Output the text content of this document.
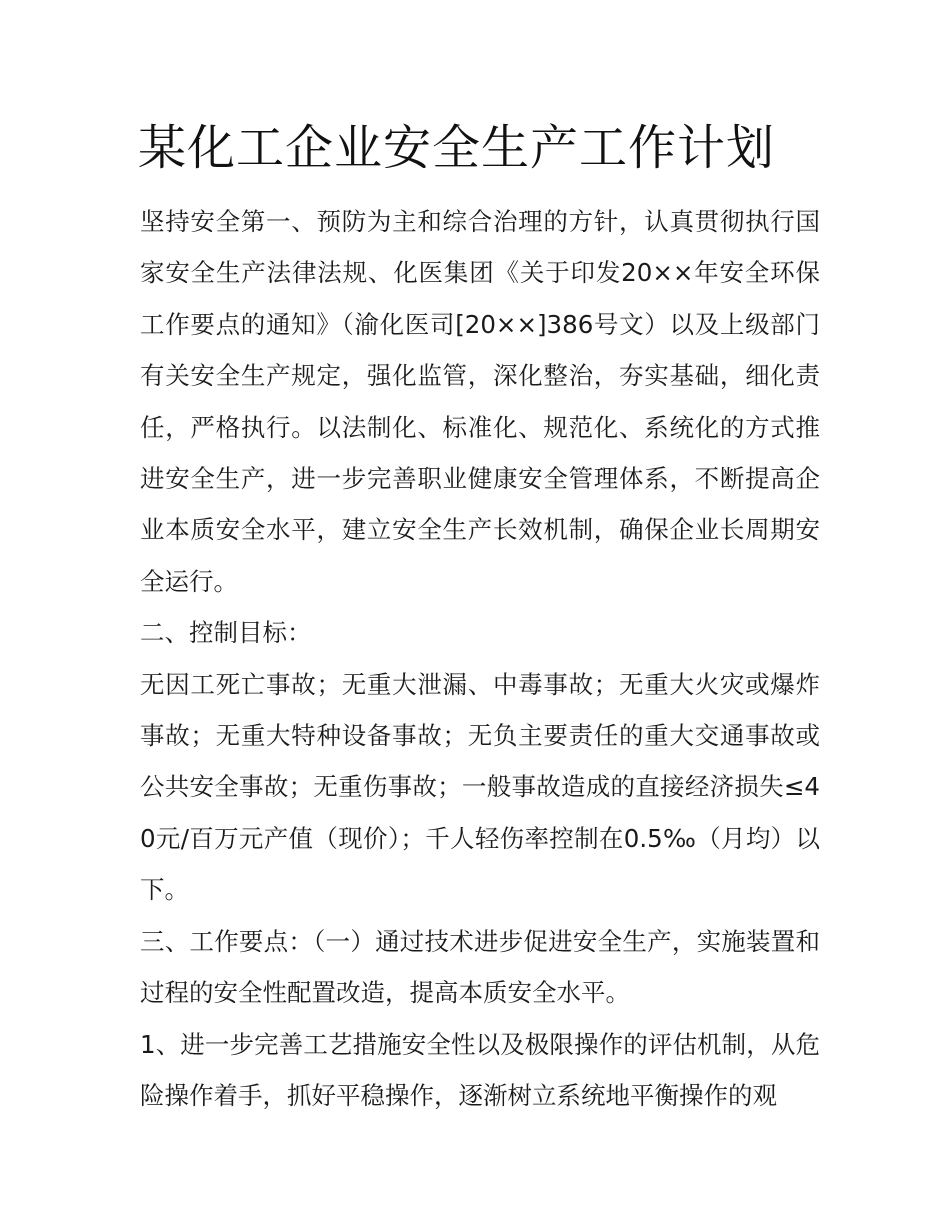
某化工企业安全生产工作计划

坚持安全第一、预防为主和综合治理的方针，认真贯彻执行国家安全生产法律法规、化医集团《关于印发20××年安全环保工作要点的通知》（渝化医司[20××]386号文）以及上级部门有关安全生产规定，强化监管，深化整治，夯实基础，细化责任，严格执行。以法制化、标准化、规范化、系统化的方式推进安全生产，进一步完善职业健康安全管理体系，不断提高企业本质安全水平，建立安全生产长效机制，确保企业长周期安全运行。

二、控制目标：

无因工死亡事故；无重大泄漏、中毒事故；无重大火灾或爆炸事故；无重大特种设备事故；无负主要责任的重大交通事故或公共安全事故；无重伤事故；一般事故造成的直接经济损失≤40元/百万元产值（现价）；千人轻伤率控制在0.5‰（月均）以下。

三、工作要点：（一）通过技术进步促进安全生产，实施装置和过程的安全性配置改造，提高本质安全水平。

1、进一步完善工艺措施安全性以及极限操作的评估机制，从危险操作着手，抓好平稳操作，逐渐树立系统地平衡操作的观
